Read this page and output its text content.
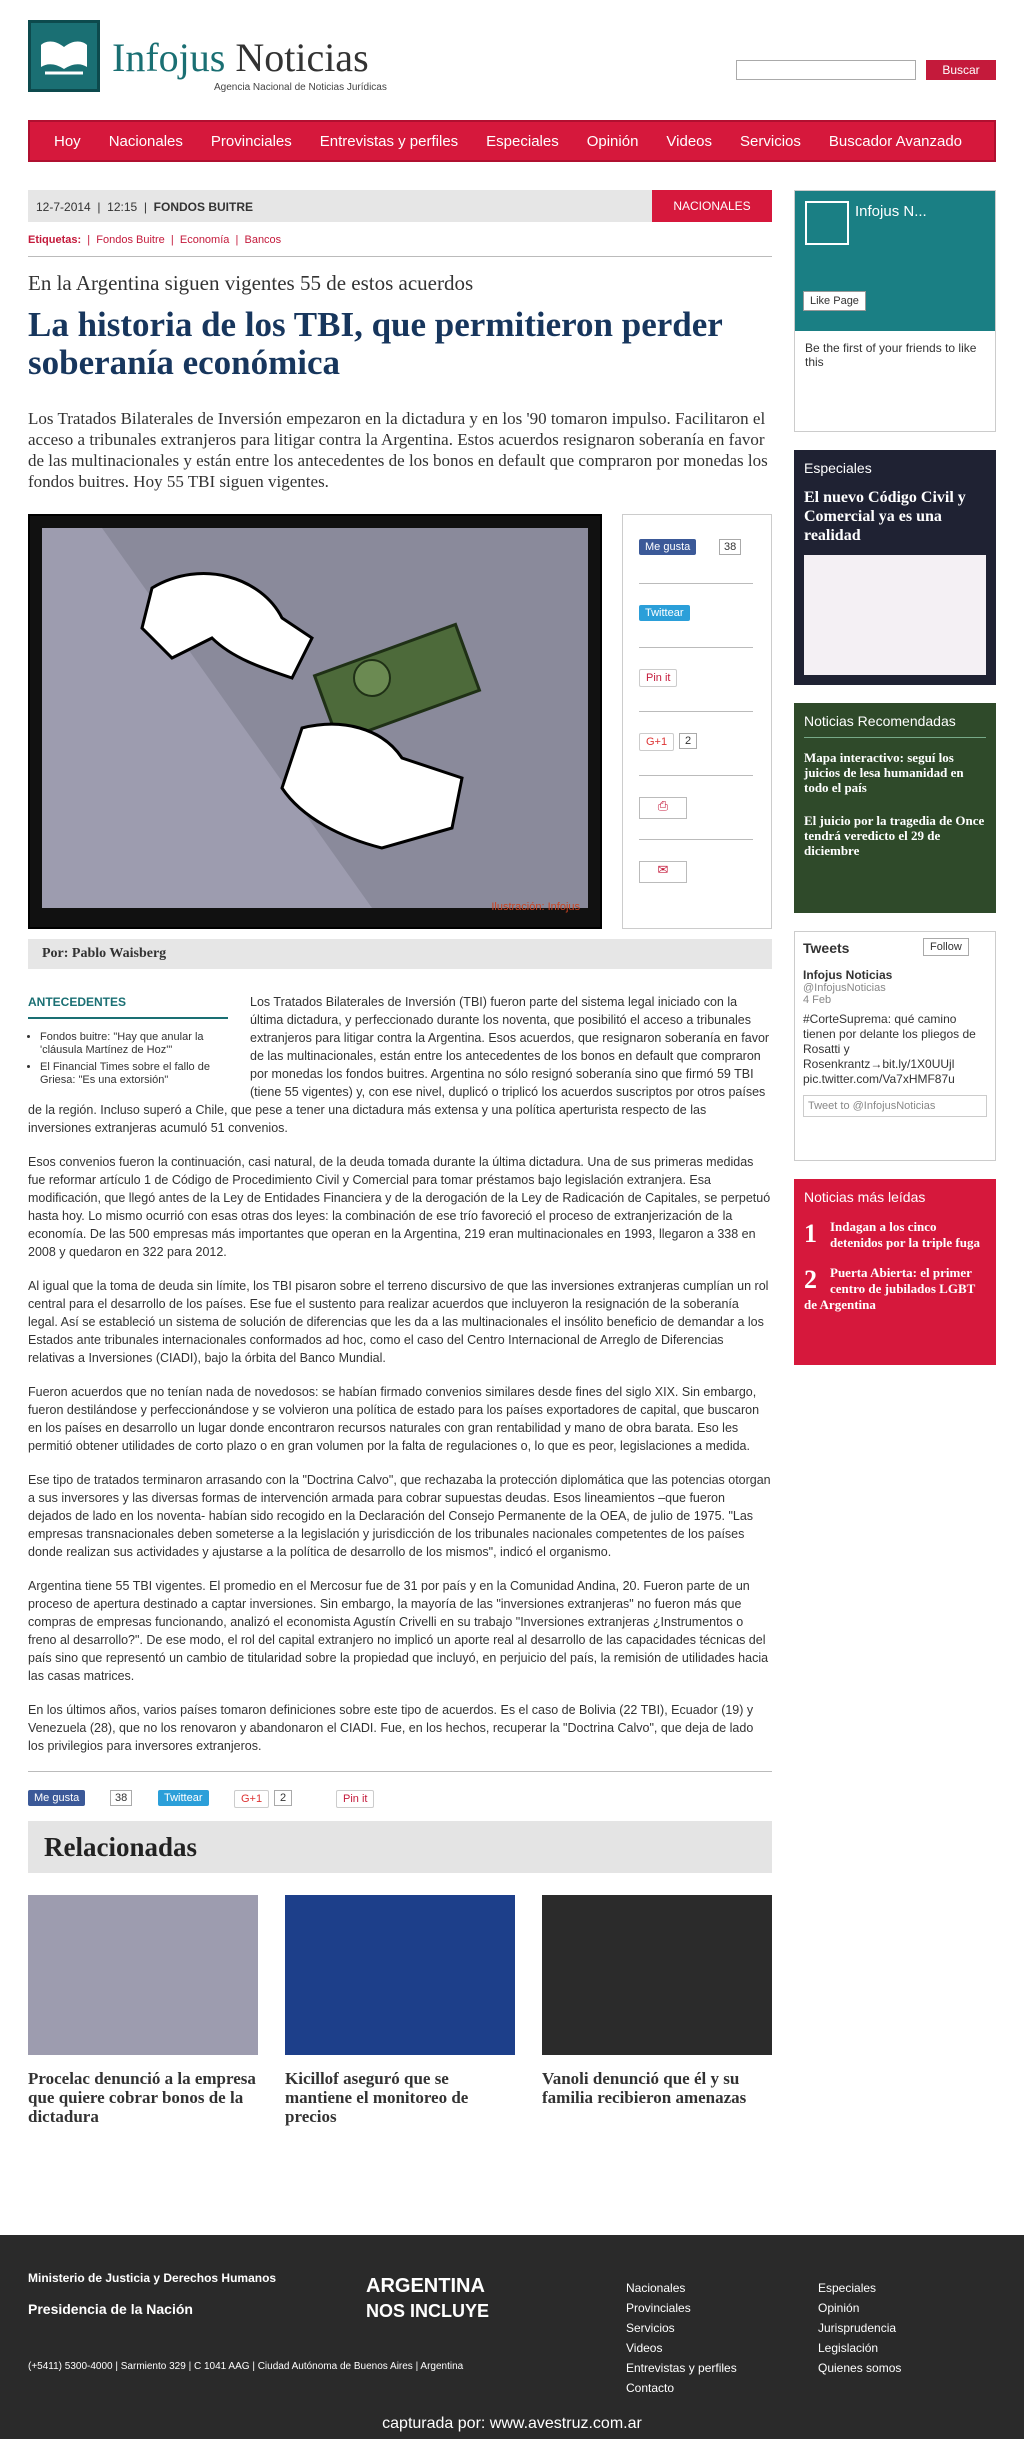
Infojus Noticias
Agencia Nacional de Noticias Jurídicas
Buscar
Hoy Nacionales Provinciales Entrevistas y perfiles Especiales Opinión Videos Servicios Buscador Avanzado
12-7-2014  |  12:15  |  FONDOS BUITRE	NACIONALES
Etiquetas:  |  Fondos Buitre  |  Economía  |  Bancos
En la Argentina siguen vigentes 55 de estos acuerdos
La historia de los TBI, que permitieron perder soberanía económica
Los Tratados Bilaterales de Inversión empezaron en la dictadura y en los '90 tomaron impulso. Facilitaron el acceso a tribunales extranjeros para litigar contra la Argentina. Estos acuerdos resignaron soberanía en favor de las multinacionales y están entre los antecedentes de los bonos en default que compraron por monedas los fondos buitres. Hoy 55 TBI siguen vigentes.
Ilustración: Infojus
Me gusta	38
Twittear
Pin it
G+1	2
⎙
✉
Por: Pablo Waisberg
ANTECEDENTES
• Fondos buitre: "Hay que anular la 'cláusula Martínez de Hoz'"
• El Financial Times sobre el fallo de Griesa: "Es una extorsión"

Los Tratados Bilaterales de Inversión (TBI) fueron parte del sistema legal iniciado con la última dictadura, y perfeccionado durante los noventa, que posibilitó el acceso a tribunales extranjeros para litigar contra la Argentina. Esos acuerdos, que resignaron soberanía en favor de las multinacionales, están entre los antecedentes de los bonos en default que compraron por monedas los fondos buitres. Argentina no sólo resignó soberanía sino que firmó 59 TBI (tiene 55 vigentes) y, con ese nivel, duplicó o triplicó los acuerdos suscriptos por otros países de la región. Incluso superó a Chile, que pese a tener una dictadura más extensa y una política aperturista respecto de las inversiones extranjeras acumuló 51 convenios.

Esos convenios fueron la continuación, casi natural, de la deuda tomada durante la última dictadura. Una de sus primeras medidas fue reformar artículo 1 de Código de Procedimiento Civil y Comercial para tomar préstamos bajo legislación extranjera. Esa modificación, que llegó antes de la Ley de Entidades Financiera y de la derogación de la Ley de Radicación de Capitales, se perpetuó hasta hoy. Lo mismo ocurrió con esas otras dos leyes: la combinación de ese trío favoreció el proceso de extranjerización de la economía. De las 500 empresas más importantes que operan en la Argentina, 219 eran multinacionales en 1993, llegaron a 338 en 2008 y quedaron en 322 para 2012.

Al igual que la toma de deuda sin límite, los TBI pisaron sobre el terreno discursivo de que las inversiones extranjeras cumplían un rol central para el desarrollo de los países. Ese fue el sustento para realizar acuerdos que incluyeron la resignación de la soberanía legal. Así se estableció un sistema de solución de diferencias que les da a las multinacionales el insólito beneficio de demandar a los Estados ante tribunales internacionales conformados ad hoc, como el caso del Centro Internacional de Arreglo de Diferencias relativas a Inversiones (CIADI), bajo la órbita del Banco Mundial.

Fueron acuerdos que no tenían nada de novedosos: se habían firmado convenios similares desde fines del siglo XIX. Sin embargo, fueron destilándose y perfeccionándose y se volvieron una política de estado para los países exportadores de capital, que buscaron en los países en desarrollo un lugar donde encontraron recursos naturales con gran rentabilidad y mano de obra barata. Eso les permitió obtener utilidades de corto plazo o en gran volumen por la falta de regulaciones o, lo que es peor, legislaciones a medida.

Ese tipo de tratados terminaron arrasando con la "Doctrina Calvo", que rechazaba la protección diplomática que las potencias otorgan a sus inversores y las diversas formas de intervención armada para cobrar supuestas deudas. Esos lineamientos –que fueron dejados de lado en los noventa- habían sido recogido en la Declaración del Consejo Permanente de la OEA, de julio de 1975. "Las empresas transnacionales deben someterse a la legislación y jurisdicción de los tribunales nacionales competentes de los países donde realizan sus actividades y ajustarse a la política de desarrollo de los mismos", indicó el organismo.

Argentina tiene 55 TBI vigentes. El promedio en el Mercosur fue de 31 por país y en la Comunidad Andina, 20. Fueron parte de un proceso de apertura destinado a captar inversiones. Sin embargo, la mayoría de las "inversiones extranjeras" no fueron más que compras de empresas funcionando, analizó el economista Agustín Crivelli en su trabajo "Inversiones extranjeras ¿Instrumentos o freno al desarrollo?". De ese modo, el rol del capital extranjero no implicó un aporte real al desarrollo de las capacidades técnicas del país sino que representó un cambio de titularidad sobre la propiedad que incluyó, en perjuicio del país, la remisión de utilidades hacia las casas matrices.

En los últimos años, varios países tomaron definiciones sobre este tipo de acuerdos. Es el caso de Bolivia (22 TBI), Ecuador (19) y Venezuela (28), que no los renovaron y abandonaron el CIADI. Fue, en los hechos, recuperar la "Doctrina Calvo", que deja de lado los privilegios para inversores extranjeros.

Me gusta	38	Twittear	G+1	2	Pin it
Relacionadas
Procelac denunció a la empresa que quiere cobrar bonos de la dictadura
Kicillof aseguró que se mantiene el monitoreo de precios
Vanoli denunció que él y su familia recibieron amenazas
Infojus N...
Like Page
Be the first of your friends to like this
Especiales
El nuevo Código Civil y Comercial ya es una realidad
Noticias Recomendadas
Mapa interactivo: seguí los juicios de lesa humanidad en todo el país
El juicio por la tragedia de Once tendrá veredicto el 29 de diciembre
Tweets	Follow
Infojus Noticias
@InfojusNoticias
4 Feb
#CorteSuprema: qué camino tienen por delante los pliegos de Rosatti y Rosenkrantz→bit.ly/1X0UUjl pic.twitter.com/Va7xHMF87u
Tweet to @InfojusNoticias
Noticias más leídas
1	Indagan a los cinco detenidos por la triple fuga
2	Puerta Abierta: el primer centro de jubilados LGBT de Argentina
Ministerio de Justicia y Derechos Humanos
Presidencia de la Nación
ARGENTINA
NOS INCLUYE
(+5411) 5300-4000 | Sarmiento 329 | C 1041 AAG | Ciudad Autónoma de Buenos Aires | Argentina
Nacionales
Provinciales
Servicios
Videos
Entrevistas y perfiles
Contacto
Especiales
Opinión
Jurisprudencia
Legislación
Quienes somos
capturada por: www.avestruz.com.ar
